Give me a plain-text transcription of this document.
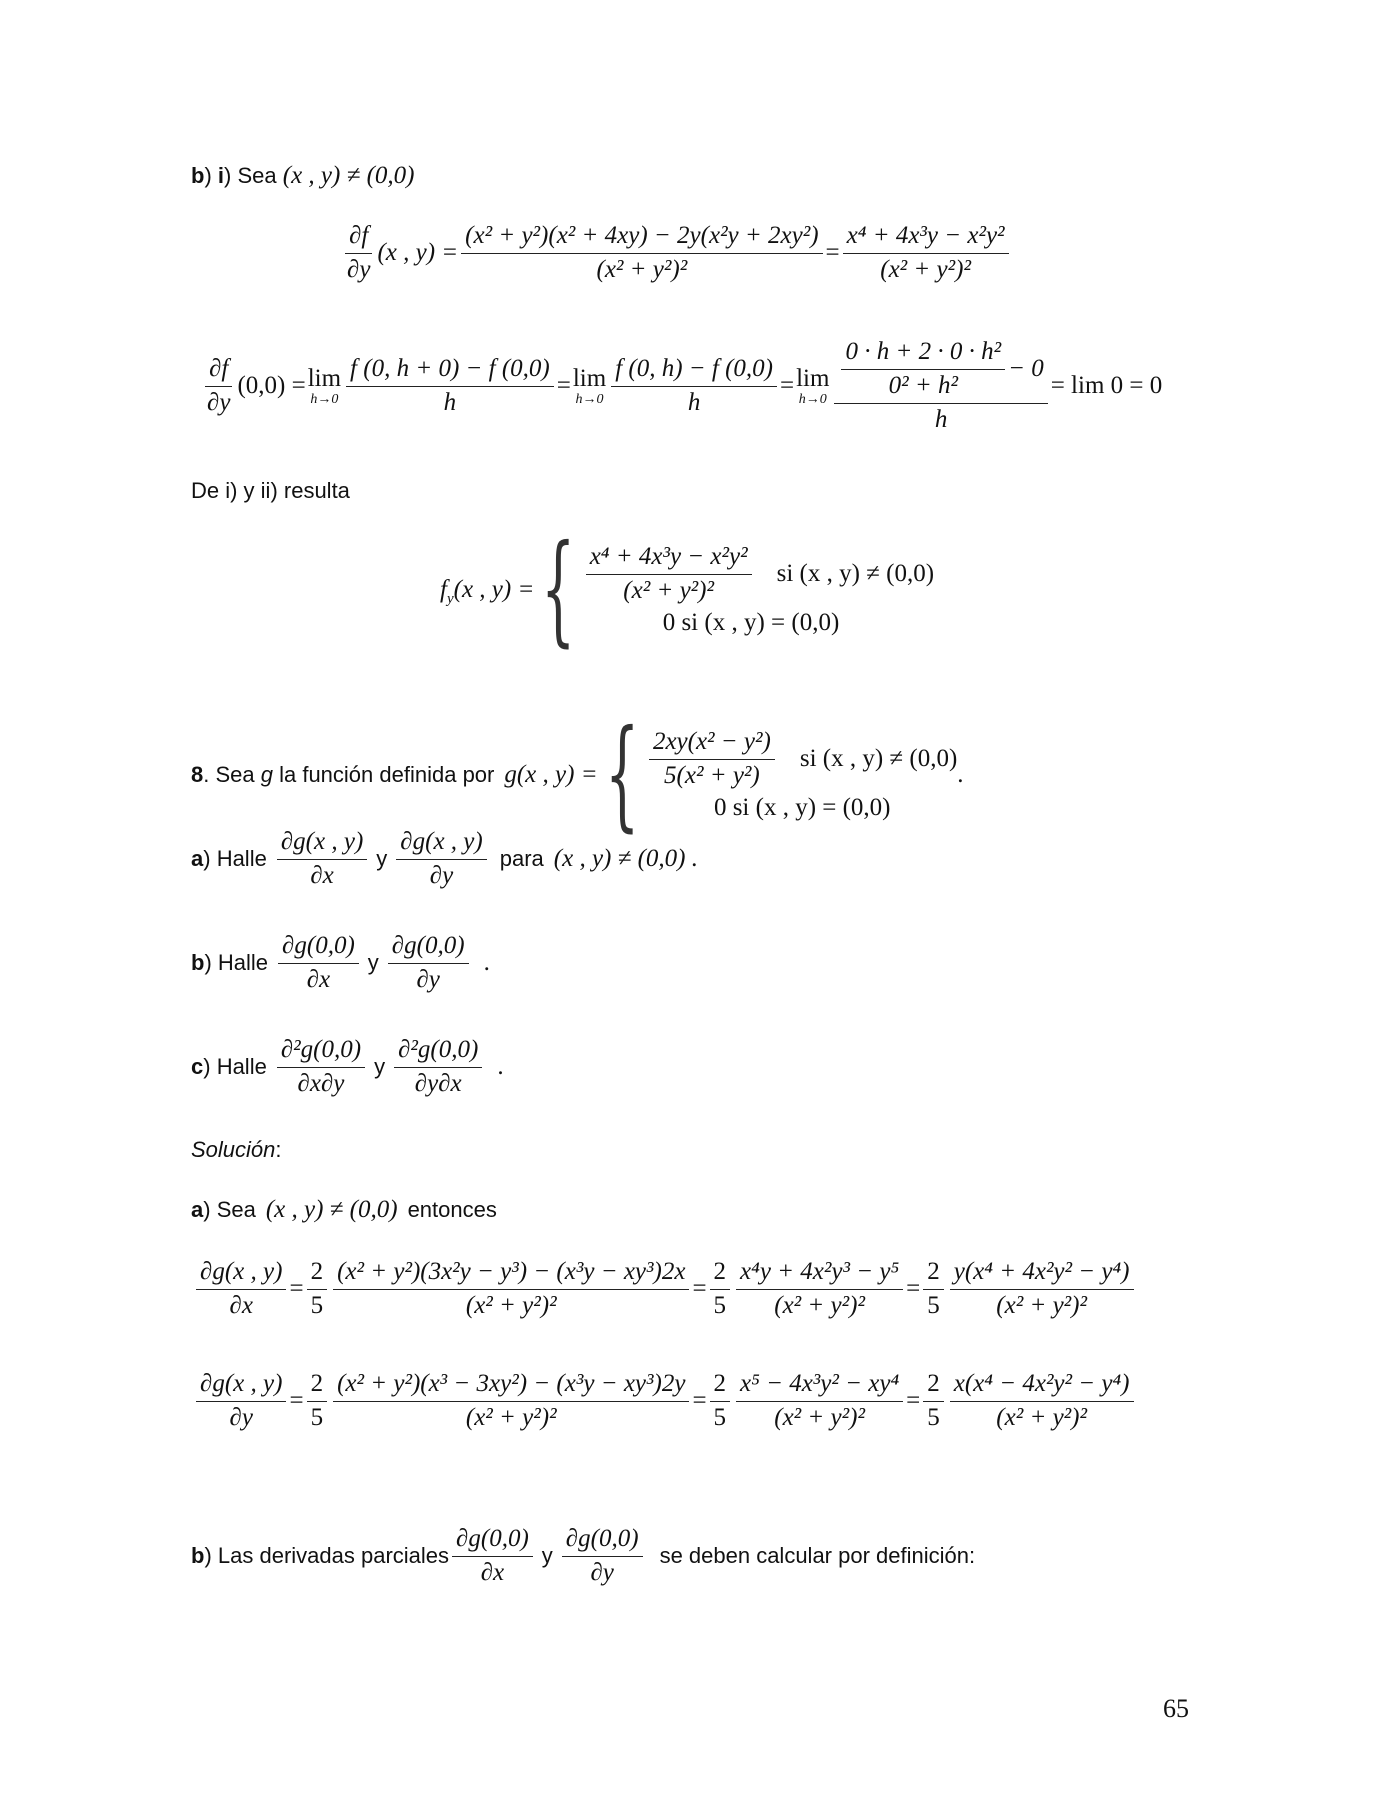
b) i) Sea (x , y) ≠ (0,0)
$\frac{\partial f}{\partial y} (x$ , $y) = \frac{\text{(x² + y²)(x² + 4xy) − 2y(x²y + 2xy²)}}{\text{(x² + y²)²}} = \frac{\text{x⁴ + 4x³y − x²y²}}{\text{(x² + y²)²}}$
$\frac{\partial f}{\partial y} (0,0) = \lim$
$h\to 0 \frac{f (0, h + 0) - f (0,0)}{h} = \lim$
$h\to 0 \frac{f (0, h) - f (0,0)}{h} = \lim$
$h\to 0 \frac{\frac{\text{0 · h + 2 · 0 · h²}}{\text{0² + h²}} - 0}{h} = \lim 0 = 0$
De i) y ii) resulta
$f_y(x$ , y) = { $\frac{\text{x⁴ + 4x³y − x²y²}}{\text{(x² + y²)²}}$ si (x , y) ≠ (0,0)
0 si (x , y) = (0,0)
8. Sea g la función definida por g(x , y) = { $\frac{\text{2xy(x² − y²)}}{\text{5(x² + y²)}}$ si (x , y) ≠ (0,0)
0 si (x , y) = (0,0)
.
a) Halle $\frac{\partial g(x , y)}{\partial x}$ y $\frac{\partial g(x , y)}{\partial y}$ para (x , y) ≠ (0,0) .
b) Halle $\frac{\partial g(0,0)}{\partial x}$ y $\frac{\partial g(0,0)}{\partial y}$ .
c) Halle $\frac{\text{∂²g(0,0)}}{\partial x\partial y}$ y $\frac{\text{∂²g(0,0)}}{\partial y\partial x}$ .
Solución:
a) Sea (x , y) ≠ (0,0) entonces
$\frac{\partial g(x , y)}{\partial x} = \frac{2}{5} \frac{\text{(x² + y²)(3x²y − y³) − (x³y − xy³)2x}}{\text{(x² + y²)²}} = \frac{2}{5} \frac{\text{x⁴y + 4x²y³ − y⁵}}{\text{(x² + y²)²}} = \frac{2}{5} \frac{\text{y(x⁴ + 4x²y² − y⁴)}}{\text{(x² + y²)²}}$
$\frac{\partial g(x , y)}{\partial y} = \frac{2}{5} \frac{\text{(x² + y²)(x³ − 3xy²) − (x³y − xy³)2y}}{\text{(x² + y²)²}} = \frac{2}{5} \frac{\text{x⁵ − 4x³y² − xy⁴}}{\text{(x² + y²)²}} = \frac{2}{5} \frac{\text{x(x⁴ − 4x²y² − y⁴)}}{\text{(x² + y²)²}}$
b) Las derivadas parciales $\frac{\partial g(0,0)}{\partial x}$ y $\frac{\partial g(0,0)}{\partial y}$ se deben calcular por definición:
65
